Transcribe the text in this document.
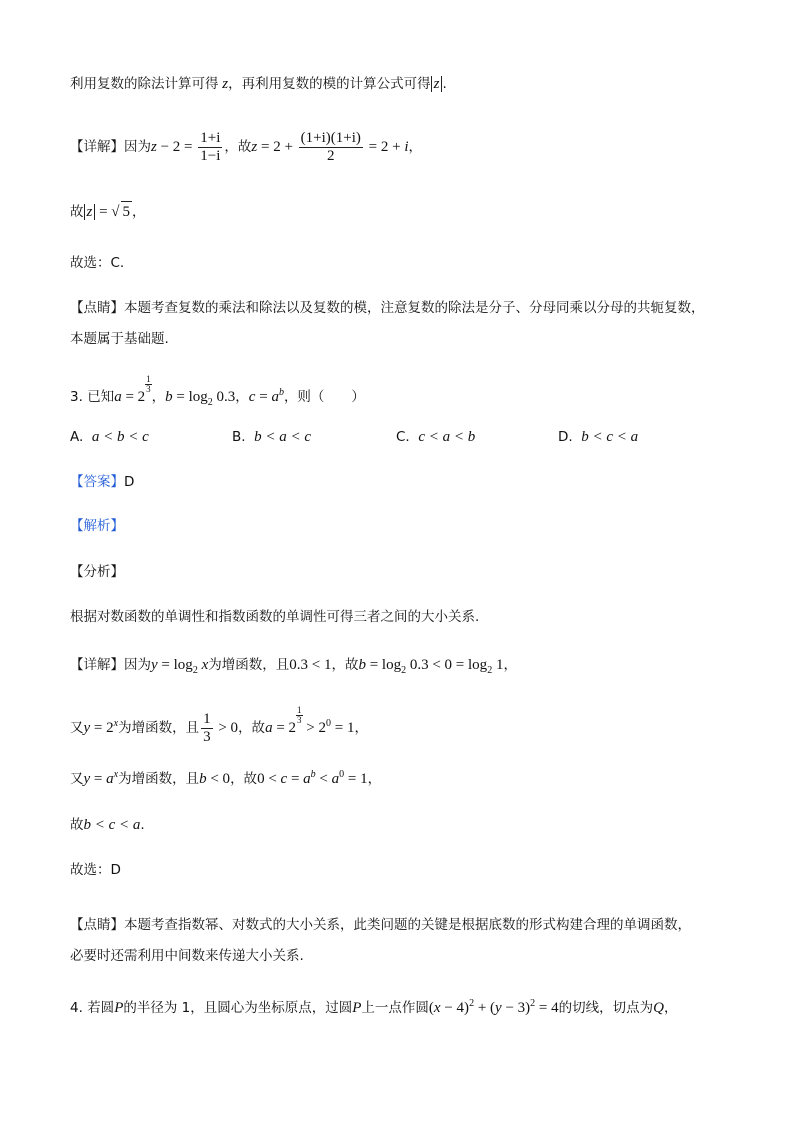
利用复数的除法计算可得 z，再利用复数的模的计算公式可得 z .
【详解】因为$z - 2 = \frac{1+i}{1-i}$ ，故$z = 2 + \frac{(1+i)(1+i)}{2} = 2 + i$，
故 z = √ 5 ，
故选：C.
【点睛】本题考查复数的乘法和除法以及复数的模，注意复数的除法是分子、分母同乘以分母的共轭复数，
本题属于基础题.
3. 已知a = 2
$\frac{1}{3}$
，$b = \log_2 0.3$，$c = a^b$，则（　　）
A. a < b < c	B. b < a < c	C. c < a < b	D. b < c < a
【答案】D
【解析】
【分析】
根据对数函数的单调性和指数函数的单调性可得三者之间的大小关系.
【详解】因为$y = \log_2 x$为增函数，且0.3 < 1，故$b = \log_2 0.3 < 0 = \log_2 1$，
又$y = 2^x$为增函数，且 $\frac{1}{3} > 0$，故a = 2
$\frac{1}{3}$
> $2^0 = 1$，
又$y = a^x$为增函数，且b < 0，故$0 < c = a^b < a^0 = 1$，
故b < c < a.
故选：D
【点睛】本题考查指数幂、对数式的大小关系，此类问题的关键是根据底数的形式构建合理的单调函数，
必要时还需利用中间数来传递大小关系.
4. 若圆P的半径为 1，且圆心为坐标原点，过圆P上一点作圆$(x - 4)^2 + (y - 3)^2 = 4$的切线，切点为Q，
